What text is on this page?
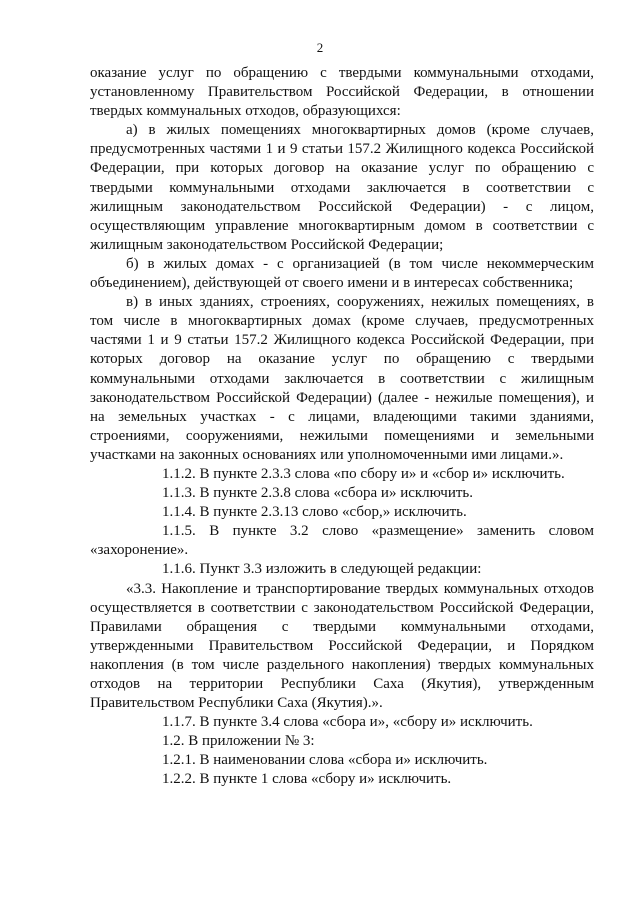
2

оказание услуг по обращению с твердыми коммунальными отходами, установленному Правительством Российской Федерации, в отношении твердых коммунальных отходов, образующихся:

а) в жилых помещениях многоквартирных домов (кроме случаев, предусмотренных частями 1 и 9 статьи 157.2 Жилищного кодекса Российской Федерации, при которых договор на оказание услуг по обращению с твердыми коммунальными отходами заключается в соответствии с жилищным законодательством Российской Федерации) - с лицом, осуществляющим управление многоквартирным домом в соответствии с жилищным законодательством Российской Федерации;

б) в жилых домах - с организацией (в том числе некоммерческим объединением), действующей от своего имени и в интересах собственника;

в) в иных зданиях, строениях, сооружениях, нежилых помещениях, в том числе в многоквартирных домах (кроме случаев, предусмотренных частями 1 и 9 статьи 157.2 Жилищного кодекса Российской Федерации, при которых договор на оказание услуг по обращению с твердыми коммунальными отходами заключается в соответствии с жилищным законодательством Российской Федерации) (далее - нежилые помещения), и на земельных участках - с лицами, владеющими такими зданиями, строениями, сооружениями, нежилыми помещениями и земельными участками на законных основаниях или уполномоченными ими лицами.».

1.1.2. В пункте 2.3.3 слова «по сбору и» и «сбор и» исключить.

1.1.3. В пункте 2.3.8 слова «сбора и» исключить.

1.1.4. В пункте 2.3.13 слово «сбор,» исключить.

1.1.5. В пункте 3.2 слово «размещение» заменить словом «захоронение».

1.1.6. Пункт 3.3 изложить в следующей редакции:

«3.3. Накопление и транспортирование твердых коммунальных отходов осуществляется в соответствии с законодательством Российской Федерации, Правилами обращения с твердыми коммунальными отходами, утвержденными Правительством Российской Федерации, и Порядком накопления (в том числе раздельного накопления) твердых коммунальных отходов на территории Республики Саха (Якутия), утвержденным Правительством Республики Саха (Якутия).».

1.1.7. В пункте 3.4 слова «сбора и», «сбору и» исключить.

1.2. В приложении № 3:

1.2.1. В наименовании слова «сбора и» исключить.

1.2.2. В пункте 1 слова «сбору и» исключить.
